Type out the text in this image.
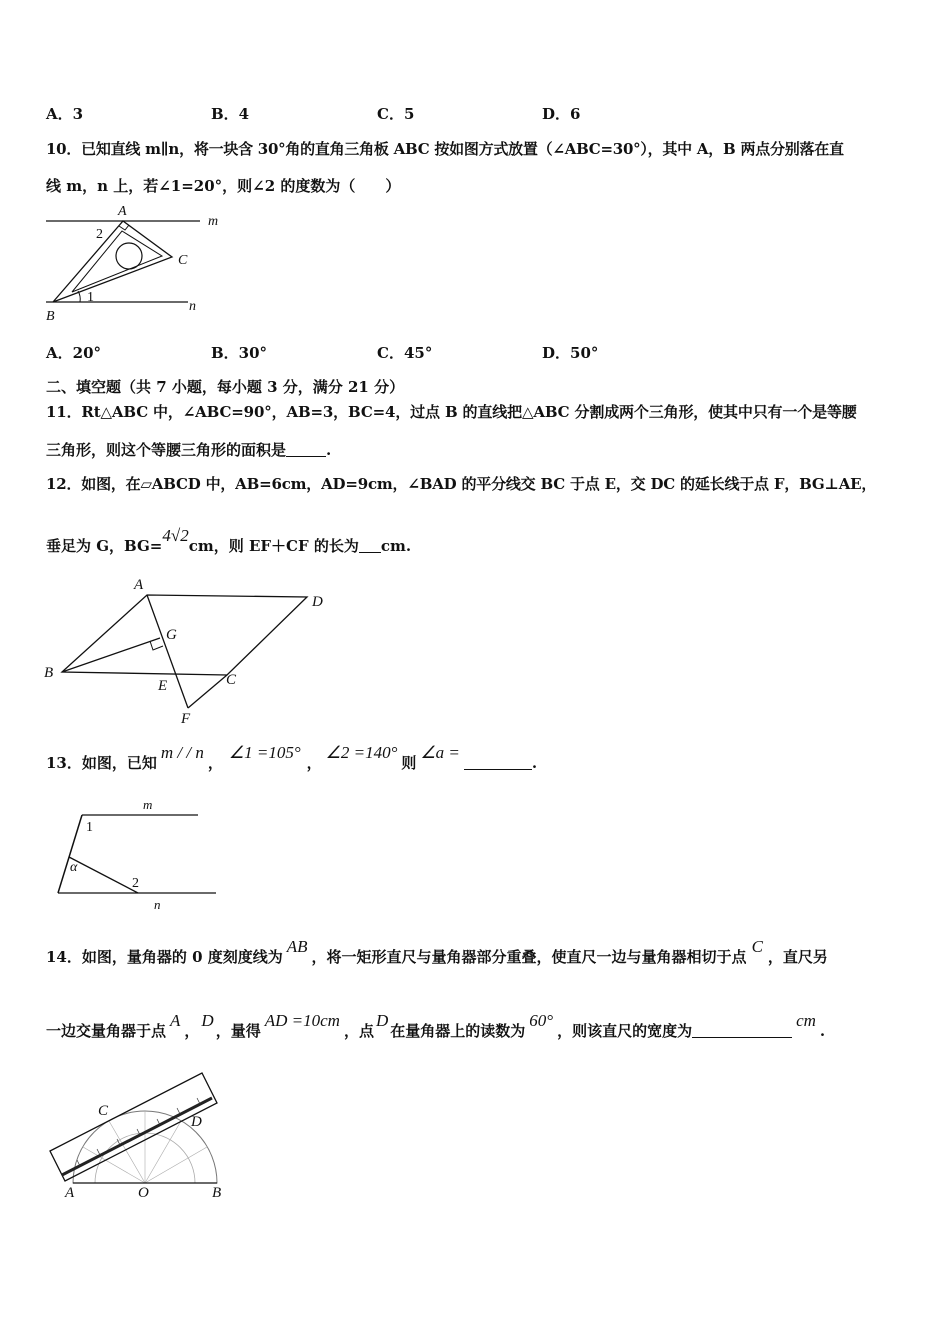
A．3	B．4	C．5	D．6
10．已知直线 m∥n，将一块含 30°角的直角三角板 ABC 按如图方式放置（∠ABC=30°），其中 A，B 两点分别落在直
线 m，n 上，若∠1=20°，则∠2 的度数为（　　）
A
m
2
C
1
n
B
A．20°	B．30°	C．45°	D．50°
二、填空题（共 7 小题，每小题 3 分，满分 21 分）
11．Rt△ABC 中，∠ABC=90°，AB=3，BC=4，过点 B 的直线把△ABC 分割成两个三角形，使其中只有一个是等腰
三角形，则这个等腰三角形的面积是	.
12．如图，在▱ABCD 中，AB=6cm，AD=9cm，∠BAD 的平分线交 BC 于点 E，交 DC 的延长线于点 F，BG⊥AE，
垂足为 G，BG=4√2cm，则 EF＋CF 的长为 cm.
A
D
G
B
E	C
F
13．如图，已知m / / n，∠1 =105°，∠2 =140°则∠a =.
m
1
α
2
n
14．如图，量角器的 0 度刻度线为AB，将一矩形直尺与量角器部分重叠，使直尺一边与量角器相切于点C，直尺另
一边交量角器于点A，D，量得AD =10cm，点D在量角器上的读数为60°，则该直尺的宽度为cm.
C
D
A	O	B
